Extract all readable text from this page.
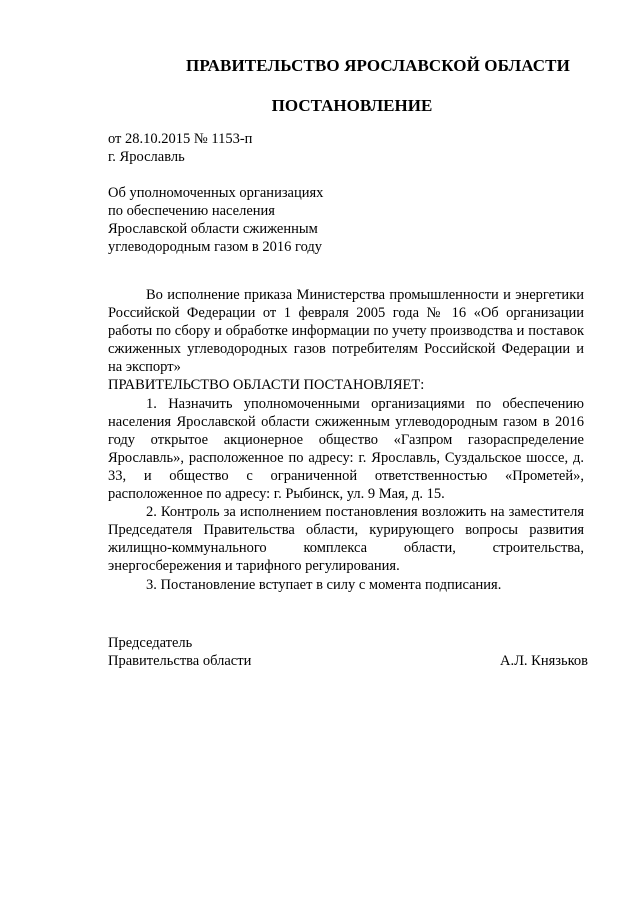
ПРАВИТЕЛЬСТВО ЯРОСЛАВСКОЙ ОБЛАСТИ
ПОСТАНОВЛЕНИЕ
от 28.10.2015 № 1153-п
г. Ярославль
Об уполномоченных организациях
по обеспечению населения
Ярославской области сжиженным
углеводородным газом в 2016 году

Во исполнение приказа Министерства промышленности и энергетики Российской Федерации от 1 февраля 2005 года № 16 «Об организации работы по сбору и обработке информации по учету производства и поставок сжиженных углеводородных газов потребителям Российской Федерации и на экспорт»

ПРАВИТЕЛЬСТВО ОБЛАСТИ ПОСТАНОВЛЯЕТ:

1. Назначить уполномоченными организациями по обеспечению населения Ярославской области сжиженным углеводородным газом в 2016 году открытое акционерное общество «Газпром газораспределение Ярославль», расположенное по адресу: г. Ярославль, Суздальское шоссе, д. 33, и общество с ограниченной ответственностью «Прометей», расположенное по адресу: г. Рыбинск, ул. 9 Мая, д. 15.

2. Контроль за исполнением постановления возложить на заместителя Председателя Правительства области, курирующего вопросы развития жилищно-коммунального комплекса области, строительства, энергосбережения и тарифного регулирования.

3. Постановление вступает в силу с момента подписания.

Председатель
Правительства области	А.Л. Князьков
